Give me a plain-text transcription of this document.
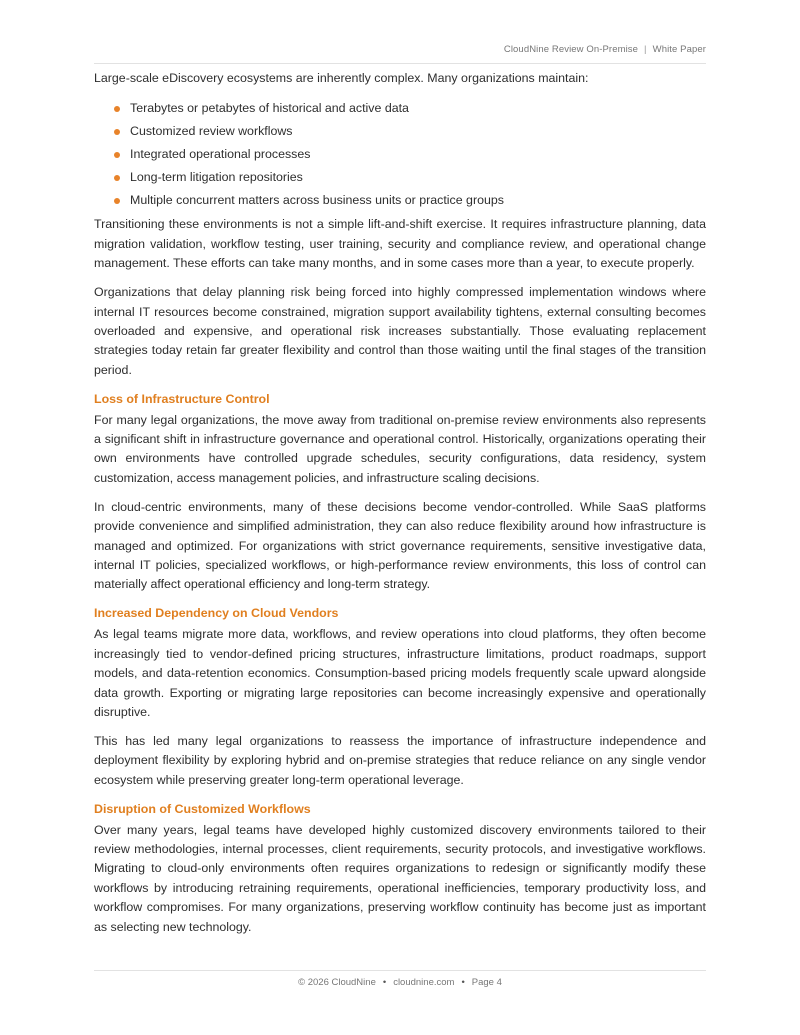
CloudNine Review On-Premise | White Paper

Large-scale eDiscovery ecosystems are inherently complex. Many organizations maintain:

Terabytes or petabytes of historical and active data
Customized review workflows
Integrated operational processes
Long-term litigation repositories
Multiple concurrent matters across business units or practice groups

Transitioning these environments is not a simple lift-and-shift exercise. It requires infrastructure planning, data migration validation, workflow testing, user training, security and compliance review, and operational change management. These efforts can take many months, and in some cases more than a year, to execute properly.

Organizations that delay planning risk being forced into highly compressed implementation windows where internal IT resources become constrained, migration support availability tightens, external consulting becomes overloaded and expensive, and operational risk increases substantially. Those evaluating replacement strategies today retain far greater flexibility and control than those waiting until the final stages of the transition period.

Loss of Infrastructure Control

For many legal organizations, the move away from traditional on-premise review environments also represents a significant shift in infrastructure governance and operational control. Historically, organizations operating their own environments have controlled upgrade schedules, security configurations, data residency, system customization, access management policies, and infrastructure scaling decisions.

In cloud-centric environments, many of these decisions become vendor-controlled. While SaaS platforms provide convenience and simplified administration, they can also reduce flexibility around how infrastructure is managed and optimized. For organizations with strict governance requirements, sensitive investigative data, internal IT policies, specialized workflows, or high-performance review environments, this loss of control can materially affect operational efficiency and long-term strategy.

Increased Dependency on Cloud Vendors

As legal teams migrate more data, workflows, and review operations into cloud platforms, they often become increasingly tied to vendor-defined pricing structures, infrastructure limitations, product roadmaps, support models, and data-retention economics. Consumption-based pricing models frequently scale upward alongside data growth. Exporting or migrating large repositories can become increasingly expensive and operationally disruptive.

This has led many legal organizations to reassess the importance of infrastructure independence and deployment flexibility by exploring hybrid and on-premise strategies that reduce reliance on any single vendor ecosystem while preserving greater long-term operational leverage.

Disruption of Customized Workflows

Over many years, legal teams have developed highly customized discovery environments tailored to their review methodologies, internal processes, client requirements, security protocols, and investigative workflows. Migrating to cloud-only environments often requires organizations to redesign or significantly modify these workflows by introducing retraining requirements, operational inefficiencies, temporary productivity loss, and workflow compromises. For many organizations, preserving workflow continuity has become just as important as selecting new technology.

© 2026 CloudNine • cloudnine.com • Page 4
